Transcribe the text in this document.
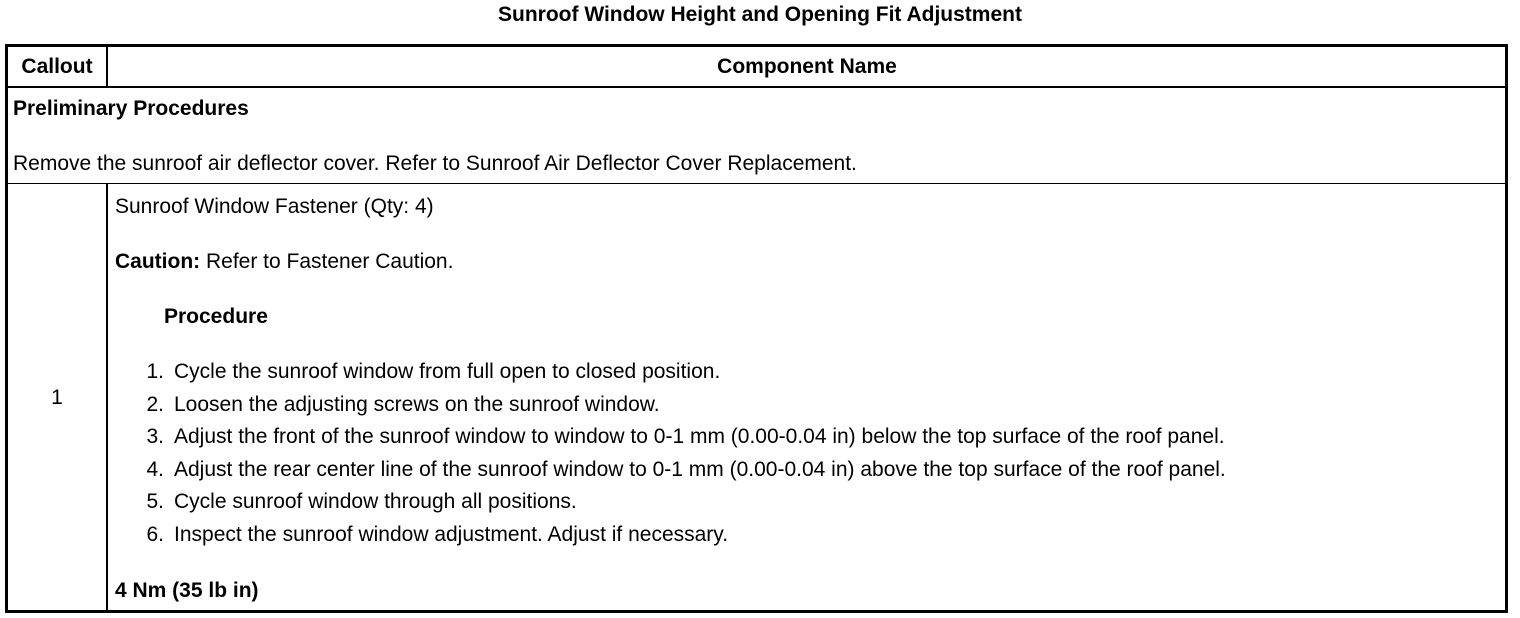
Sunroof Window Height and Opening Fit Adjustment
Callout	Component Name
Preliminary Procedures
Remove the sunroof air deflector cover. Refer to Sunroof Air Deflector Cover Replacement.
1
Sunroof Window Fastener (Qty: 4)
Caution: Refer to Fastener Caution.
Procedure
1. Cycle the sunroof window from full open to closed position.
2. Loosen the adjusting screws on the sunroof window.
3. Adjust the front of the sunroof window to window to 0-1 mm (0.00-0.04 in) below the top surface of the roof panel.
4. Adjust the rear center line of the sunroof window to 0-1 mm (0.00-0.04 in) above the top surface of the roof panel.
5. Cycle sunroof window through all positions.
6. Inspect the sunroof window adjustment. Adjust if necessary.
4 Nm (35 lb in)
